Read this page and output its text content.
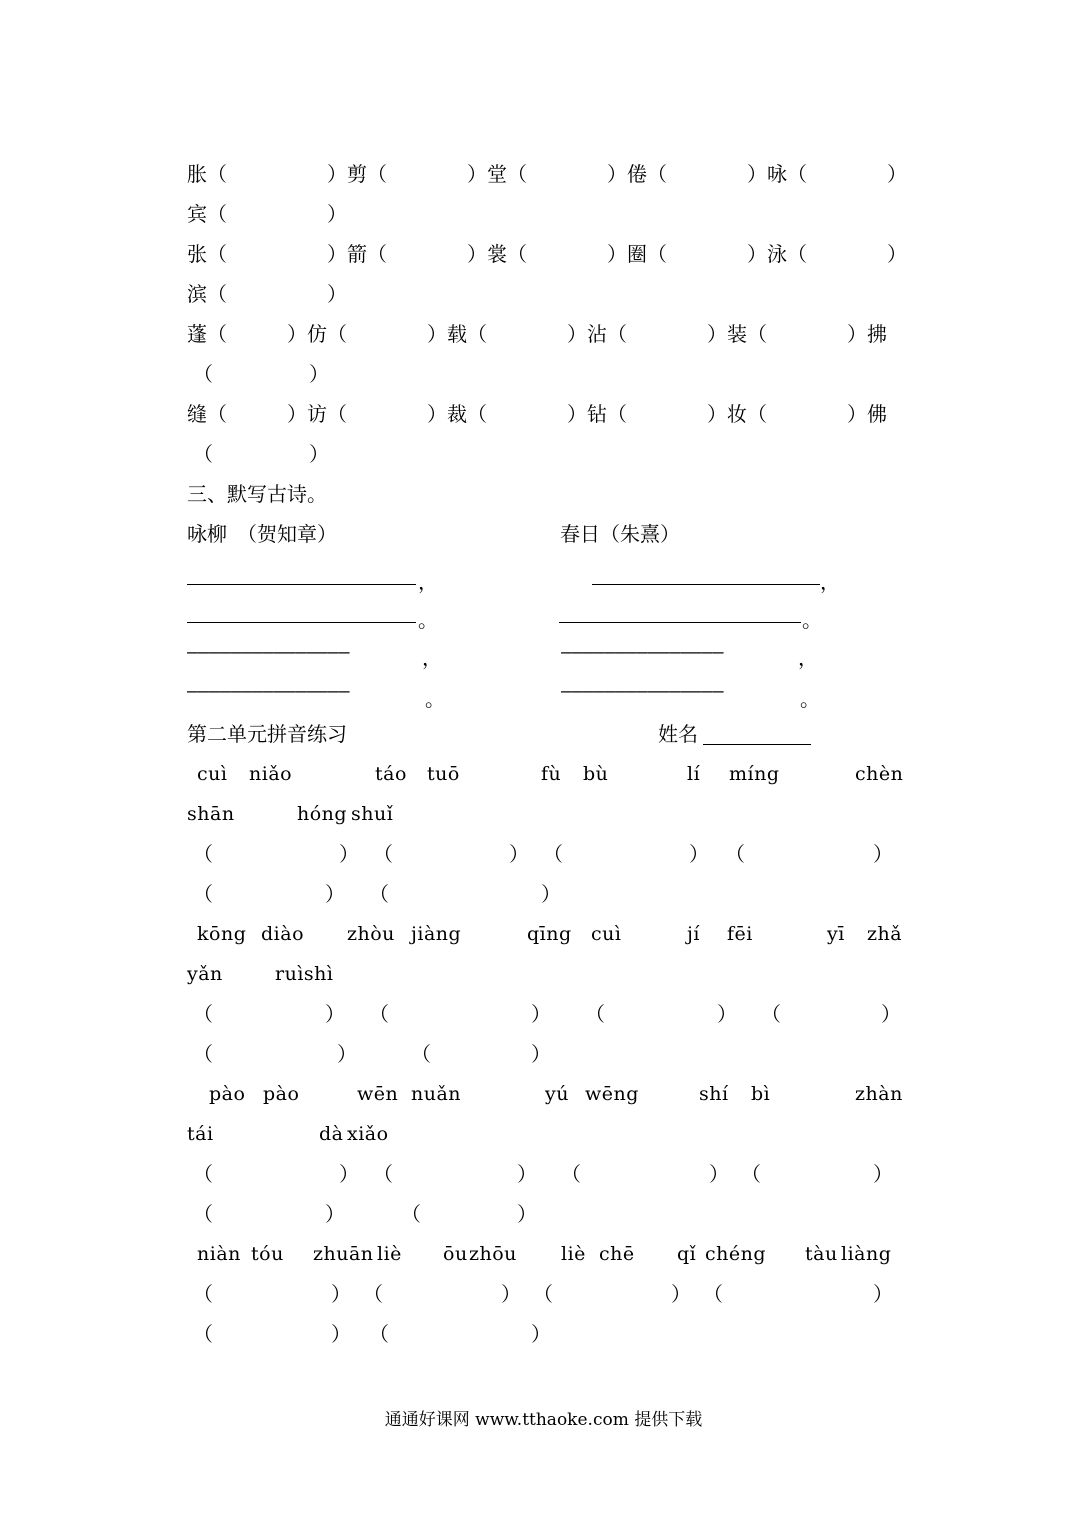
胀（	）剪（	）堂（	）倦（	）咏（	）
宾（	）
张（	）箭（	）裳（	）圈（	）泳（	）
滨（	）
蓬（	）仿（	）载（	）沾（	）装（	）拂
（	）
缝（	）访（	）裁（	）钻（	）妆（	）佛
（	）
三、默写古诗。
咏柳　（贺知章）	春日（朱熹）
，
。
———————————————	，
———————————————	。
，
。
———————————————	，
———————————————	。
第二单元拼音练习	姓名
cuì niǎo	táo tuō	fù bù	lí míng	chèn
shān	hóng shuǐ
（	） （	） （	） （	）
（	） （	）
kōng diào zhòu jiàng	qīng cuì	jí fēi	yī zhǎ
yǎn	ruìshì
（	） （	） （	） （	）
（	）	（	）
pào pào	wēn nuǎn	yú wēng	shí bì	zhàn
tái	dà xiǎo
（	） （	） （	） （	）
（	）	（	）
niàn tóu zhuān liè ōu zhōu liè chē qǐ chéng tàu liàng
（	） （	） （	） （	）
（	） （	）
通通好课网 www.tthaoke.com 提供下载
